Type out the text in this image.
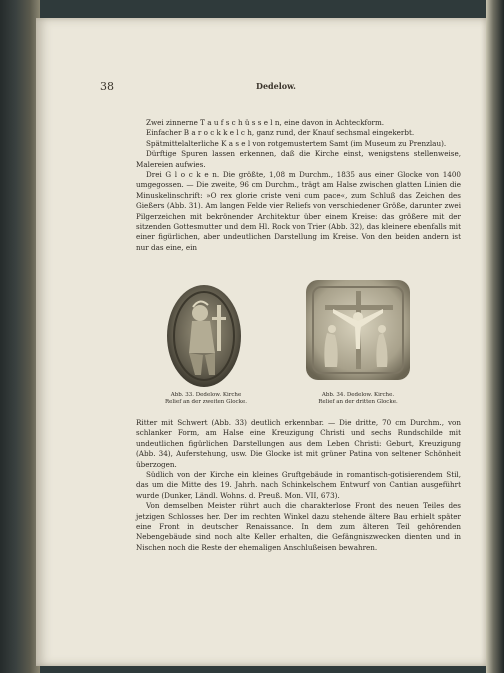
38	Dedelow.

Zwei zinnerne T a u f s c h ü s s e l n, eine davon in Achteckform.

Einfacher B a r o c k k e l c h, ganz rund, der Knauf sechsmal eingekerbt.

Spätmittelalterliche K a s e l von rotgemustertem Samt (im Museum zu Prenzlau).

Dürftige Spuren lassen erkennen, daß die Kirche einst, wenigstens stellenweise, Malereien aufwies.

Drei G l o c k e n. Die größte, 1,08 m Durchm., 1835 aus einer Glocke von 1400 umgegossen. — Die zweite, 96 cm Durchm., trägt am Halse zwischen glatten Linien die Minuskelinschrift: »O rex glorie criste veni cum pace«, zum Schluß das Zeichen des Gießers (Abb. 31). Am langen Felde vier Reliefs von verschiedener Größe, darunter zwei Pilgerzeichen mit bekrönender Architektur über einem Kreise: das größere mit der sitzenden Gottesmutter und dem Hl. Rock von Trier (Abb. 32), das kleinere ebenfalls mit einer figürlichen, aber undeutlichen Darstellung im Kreise. Von den beiden andern ist nur das eine, ein

Abb. 33. Dedelow. Kirche
Relief an der zweiten Glocke.
Abb. 34. Dedelow. Kirche.
Relief an der dritten Glocke.

Ritter mit Schwert (Abb. 33) deutlich erkennbar. — Die dritte, 70 cm Durchm., von schlanker Form, am Halse eine Kreuzigung Christi und sechs Rundschilde mit undeutlichen figürlichen Darstellungen aus dem Leben Christi: Geburt, Kreuzigung (Abb. 34), Auferstehung, usw. Die Glocke ist mit grüner Patina von seltener Schönheit überzogen.

Südlich von der Kirche ein kleines Gruftgebäude in romantisch-gotisierendem Stil, das um die Mitte des 19. Jahrh. nach Schinkelschem Entwurf von Cantian ausgeführt wurde (Dunker, Ländl. Wohns. d. Preuß. Mon. VII, 673).

Von demselben Meister rührt auch die charakterlose Front des neuen Teiles des jetzigen Schlosses her. Der im rechten Winkel dazu stehende ältere Bau erhielt später eine Front in deutscher Renaissance. In dem zum älteren Teil gehörenden Nebengebäude sind noch alte Keller erhalten, die Gefängniszwecken dienten und in Nischen noch die Reste der ehemaligen Anschlußeisen bewahren.
